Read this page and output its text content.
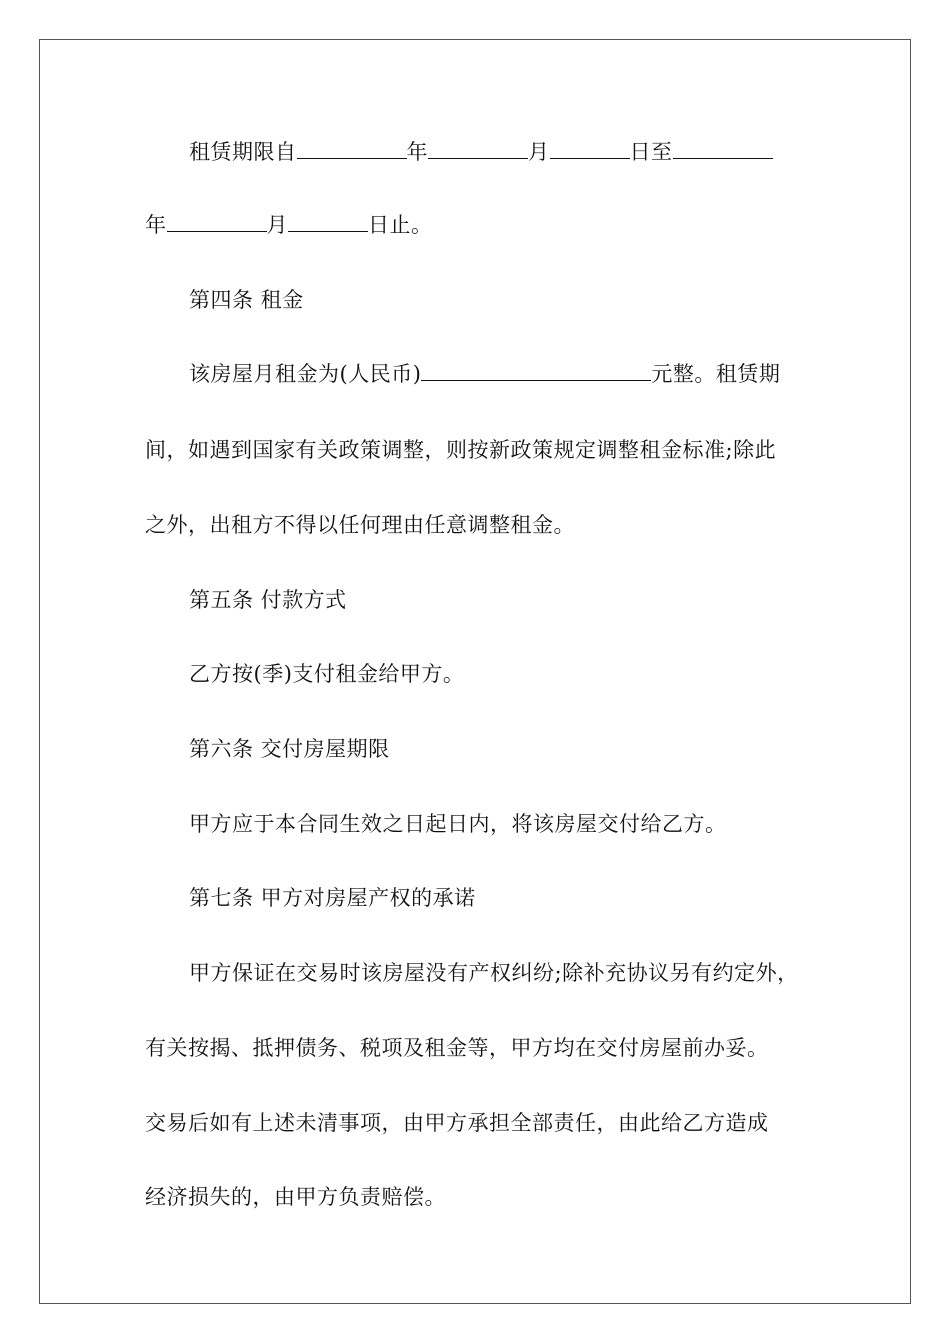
租赁期限自	年	月	日至
年	月	日止。
第四条 租金
该房屋月租金为(人民币)	元整。租赁期
间，如遇到国家有关政策调整，则按新政策规定调整租金标准;除此
之外，出租方不得以任何理由任意调整租金。
第五条 付款方式
乙方按(季)支付租金给甲方。
第六条 交付房屋期限
甲方应于本合同生效之日起日内，将该房屋交付给乙方。
第七条 甲方对房屋产权的承诺
甲方保证在交易时该房屋没有产权纠纷;除补充协议另有约定外，
有关按揭、抵押债务、税项及租金等，甲方均在交付房屋前办妥。
交易后如有上述未清事项，由甲方承担全部责任，由此给乙方造成
经济损失的，由甲方负责赔偿。
